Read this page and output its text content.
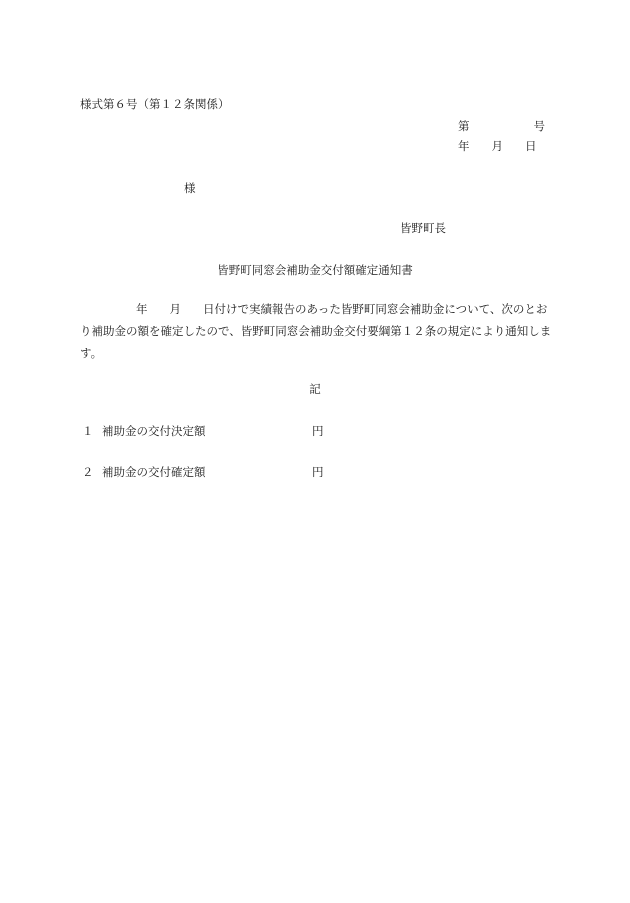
様式第６号（第１２条関係）
第	号
年 月 日
様
皆野町長
皆野町同窓会補助金交付額確定通知書
年 月 日付けで実績報告のあった皆野町同窓会補助金について、次のとおり補助金の額を確定したので、皆野町同窓会補助金交付要綱第１２条の規定により通知します。
記
１ 補助金の交付決定額	円
２ 補助金の交付確定額	円
